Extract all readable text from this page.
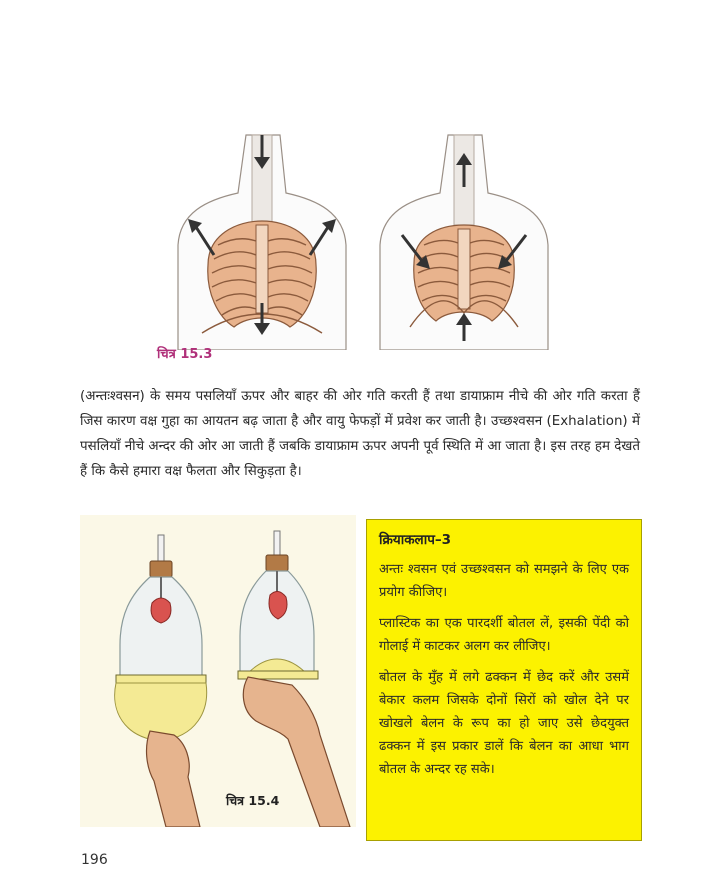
चित्र 15.3
(अन्तःश्वसन) के समय पसलियाँ ऊपर और बाहर की ओर गति करती हैं तथा डायाफ्राम नीचे की ओर गति करता हैं जिस कारण वक्ष गुहा का आयतन बढ़ जाता है और वायु फेफड़ों में प्रवेश कर जाती है। उच्छश्वसन (Exhalation) में पसलियाँ नीचे अन्दर की ओर आ जाती हैं जबकि डायाफ्राम ऊपर अपनी पूर्व स्थिति में आ जाता है। इस तरह हम देखते हैं कि कैसे हमारा वक्ष फैलता और सिकुड़ता है।
चित्र 15.4
क्रियाकलाप–3

अन्तः श्वसन एवं उच्छश्वसन को समझने के लिए एक प्रयोग कीजिए।

प्लास्टिक का एक पारदर्शी बोतल लें, इसकी पेंदी को गोलाई में काटकर अलग कर लीजिए।

बोतल के मुँह में लगे ढक्कन में छेद करें और उसमें बेकार कलम जिसके दोनों सिरों को खोल देने पर खोखले बेलन के रूप का हो जाए उसे छेदयुक्त ढक्कन में इस प्रकार डालें कि बेलन का आधा भाग बोतल के अन्दर रह सके।

196
